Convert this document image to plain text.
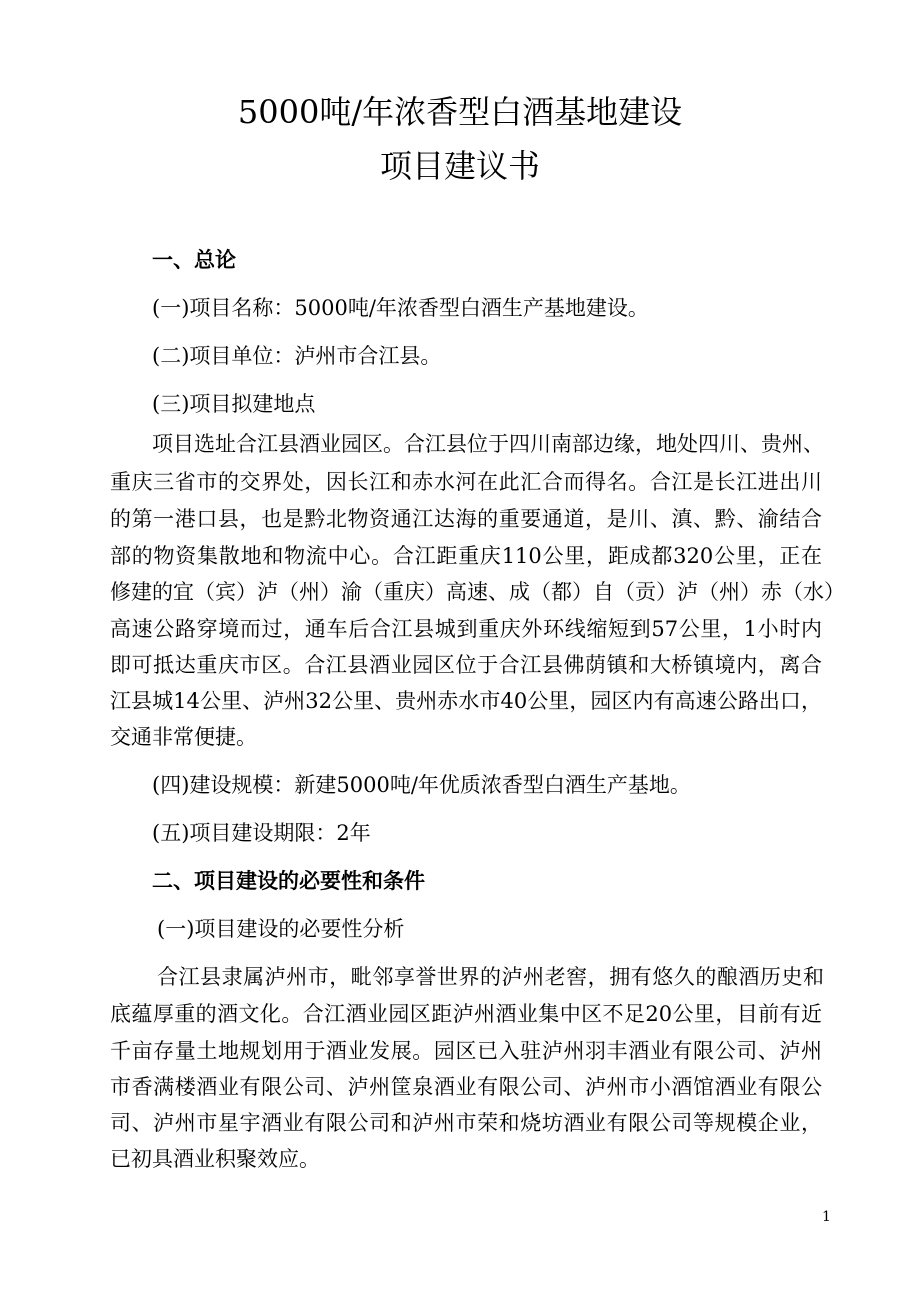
5000吨/年浓香型白酒基地建设
项目建议书

一、总论

(一)项目名称：5000吨/年浓香型白酒生产基地建设。

(二)项目单位：泸州市合江县。

(三)项目拟建地点

项目选址合江县酒业园区。合江县位于四川南部边缘，地处四川、贵州、

重庆三省市的交界处，因长江和赤水河在此汇合而得名。合江是长江进出川

的第一港口县，也是黔北物资通江达海的重要通道，是川、滇、黔、渝结合

部的物资集散地和物流中心。合江距重庆110公里，距成都320公里，正在

修建的宜（宾）泸（州）渝（重庆）高速、成（都）自（贡）泸（州）赤（水）

高速公路穿境而过，通车后合江县城到重庆外环线缩短到57公里，1小时内

即可抵达重庆市区。合江县酒业园区位于合江县佛荫镇和大桥镇境内，离合

江县城14公里、泸州32公里、贵州赤水市40公里，园区内有高速公路出口，

交通非常便捷。

(四)建设规模：新建5000吨/年优质浓香型白酒生产基地。

(五)项目建设期限：2年

二、项目建设的必要性和条件

(一)项目建设的必要性分析

合江县隶属泸州市，毗邻享誉世界的泸州老窖，拥有悠久的酿酒历史和

底蕴厚重的酒文化。合江酒业园区距泸州酒业集中区不足20公里，目前有近

千亩存量土地规划用于酒业发展。园区已入驻泸州羽丰酒业有限公司、泸州

市香满楼酒业有限公司、泸州筐泉酒业有限公司、泸州市小酒馆酒业有限公

司、泸州市星宇酒业有限公司和泸州市荣和烧坊酒业有限公司等规模企业，

已初具酒业积聚效应。

1
